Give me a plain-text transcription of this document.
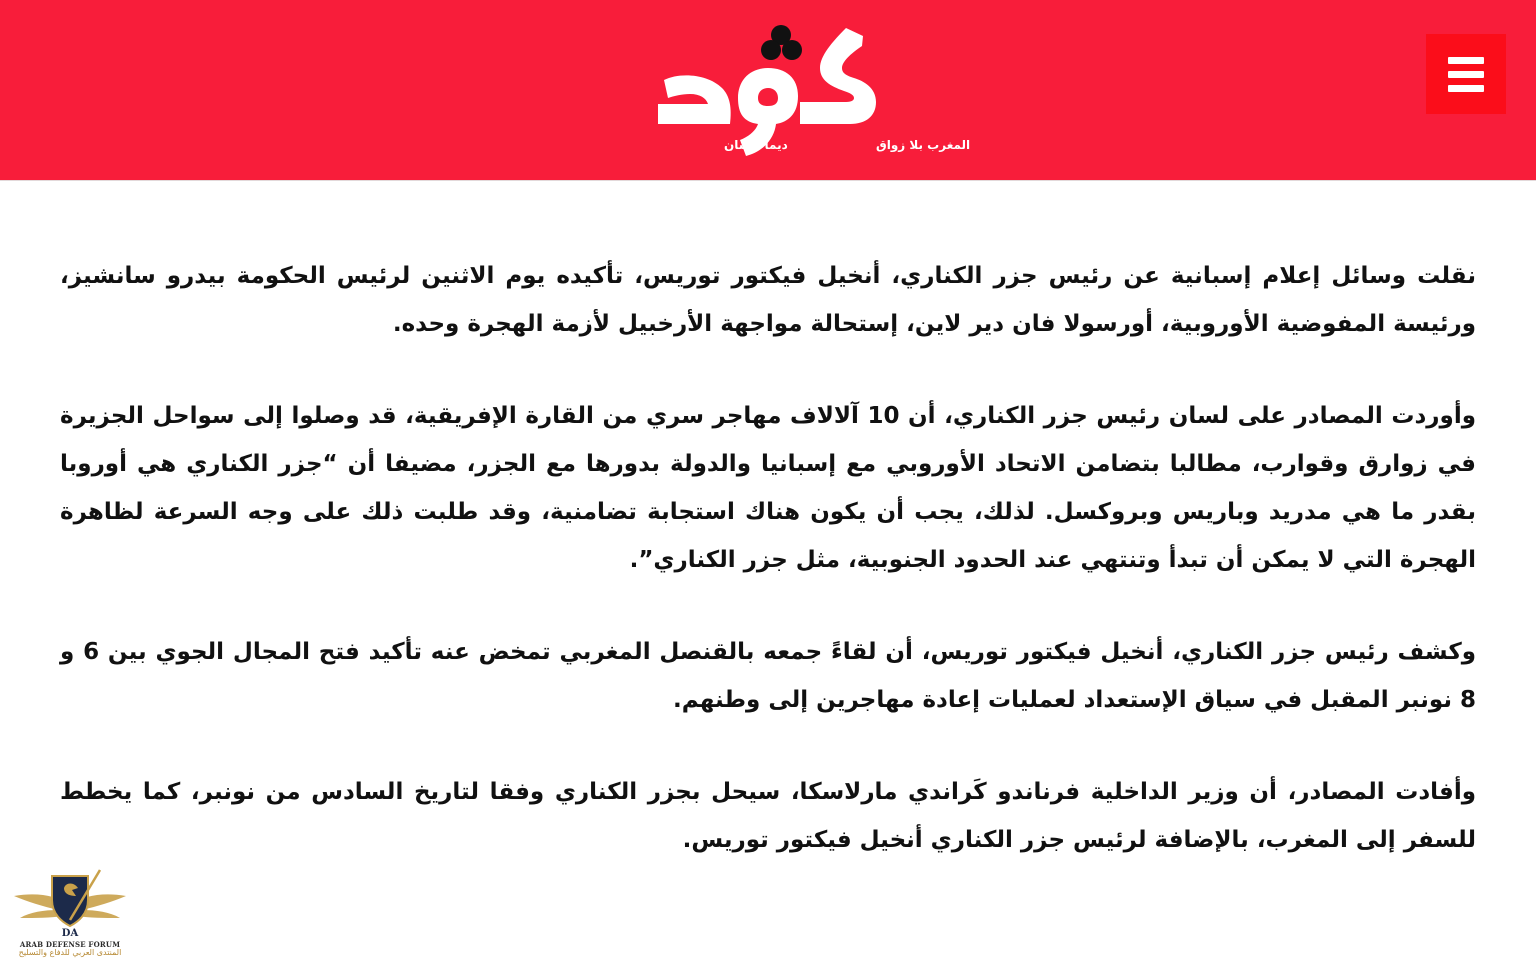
المغرب بلا زواق
ديما نيشان

نقلت وسائل إعلام إسبانية عن رئيس جزر الكناري، أنخيل فيكتور توريس، تأكيده يوم الاثنين لرئيس الحكومة بيدرو سانشيز، ورئيسة المفوضية الأوروبية، أورسولا فان دير لاين، إستحالة مواجهة الأرخبيل لأزمة الهجرة وحده.

وأوردت المصادر على لسان رئيس جزر الكناري، أن 10 آلالاف مهاجر سري من القارة الإفريقية، قد وصلوا إلى سواحل الجزيرة في زوارق وقوارب، مطالبا بتضامن الاتحاد الأوروبي مع إسبانيا والدولة بدورها مع الجزر، مضيفا أن “جزر الكناري هي أوروبا بقدر ما هي مدريد وباريس وبروكسل. لذلك، يجب أن يكون هناك استجابة تضامنية، وقد طلبت ذلك على وجه السرعة لظاهرة الهجرة التي لا يمكن أن تبدأ وتنتهي عند الحدود الجنوبية، مثل جزر الكناري”.

وكشف رئيس جزر الكناري، أنخيل فيكتور توريس، أن لقاءً جمعه بالقنصل المغربي تمخض عنه تأكيد فتح المجال الجوي بين 6 و 8 نونبر المقبل في سياق الإستعداد لعمليات إعادة مهاجرين إلى وطنهم.

وأفادت المصادر، أن وزير الداخلية فرناندو كَراندي مارلاسكا، سيحل بجزر الكناري وفقا لتاريخ السادس من نونبر، كما يخطط للسفر إلى المغرب، بالإضافة لرئيس جزر الكناري أنخيل فيكتور توريس.

DA
ARAB DEFENSE FORUM
المنتدى العربي للدفاع والتسليح
